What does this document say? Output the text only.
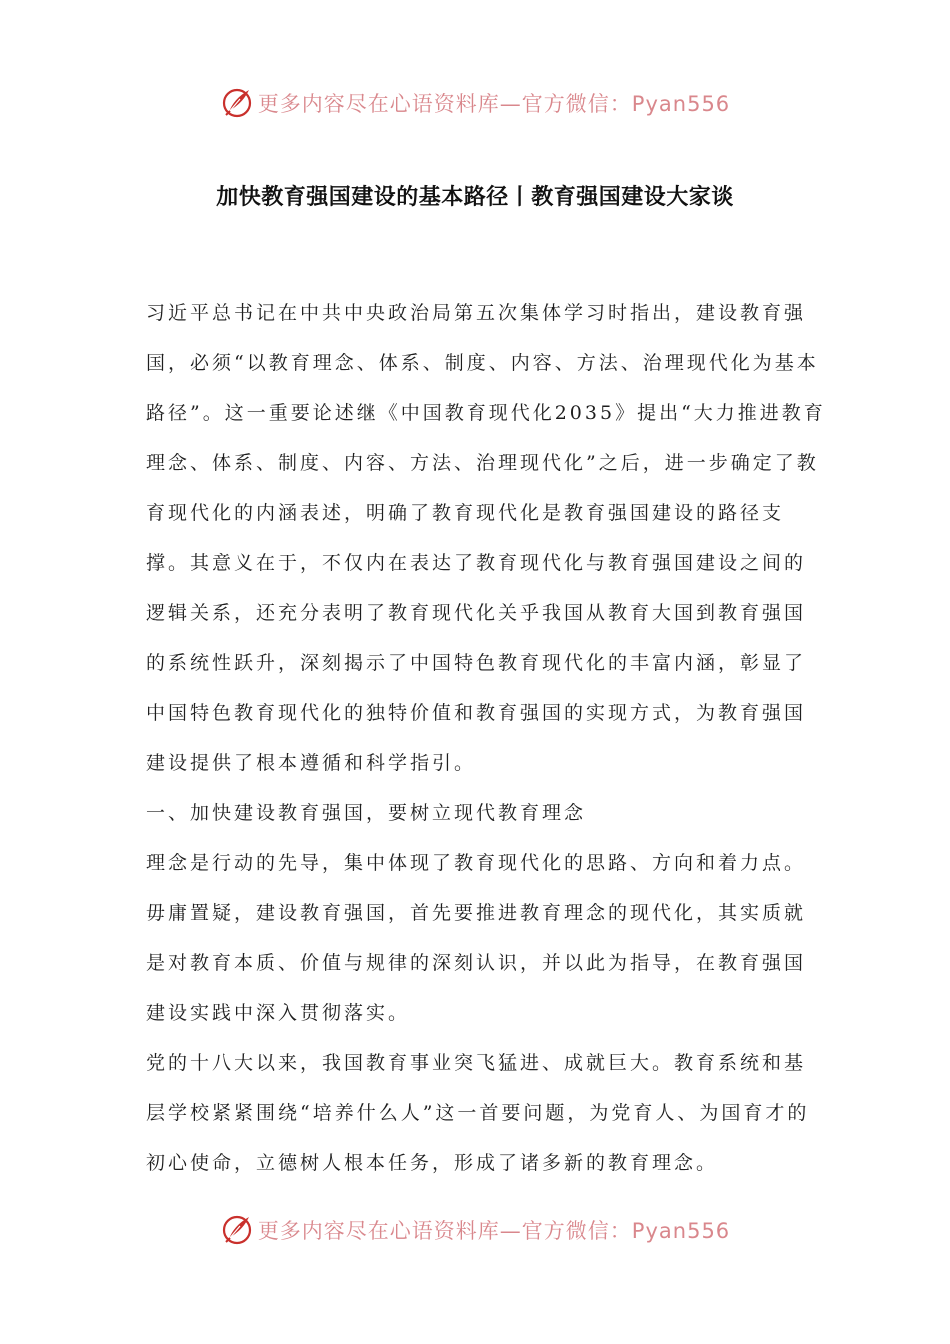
更多内容尽在心语资料库—官方微信：Pyan556
加快教育强国建设的基本路径丨教育强国建设大家谈

习近平总书记在中共中央政治局第五次集体学习时指出，建设教育强国，必须“以教育理念、体系、制度、内容、方法、治理现代化为基本路径”。这一重要论述继《中国教育现代化2035》提出“大力推进教育理念、体系、制度、内容、方法、治理现代化”之后，进一步确定了教育现代化的内涵表述，明确了教育现代化是教育强国建设的路径支撑。其意义在于，不仅内在表达了教育现代化与教育强国建设之间的逻辑关系，还充分表明了教育现代化关乎我国从教育大国到教育强国的系统性跃升，深刻揭示了中国特色教育现代化的丰富内涵，彰显了中国特色教育现代化的独特价值和教育强国的实现方式，为教育强国建设提供了根本遵循和科学指引。

一、加快建设教育强国，要树立现代教育理念

理念是行动的先导，集中体现了教育现代化的思路、方向和着力点。毋庸置疑，建设教育强国，首先要推进教育理念的现代化，其实质就是对教育本质、价值与规律的深刻认识，并以此为指导，在教育强国建设实践中深入贯彻落实。

党的十八大以来，我国教育事业突飞猛进、成就巨大。教育系统和基层学校紧紧围绕“培养什么人”这一首要问题，为党育人、为国育才的初心使命，立德树人根本任务，形成了诸多新的教育理念。

更多内容尽在心语资料库—官方微信：Pyan556
